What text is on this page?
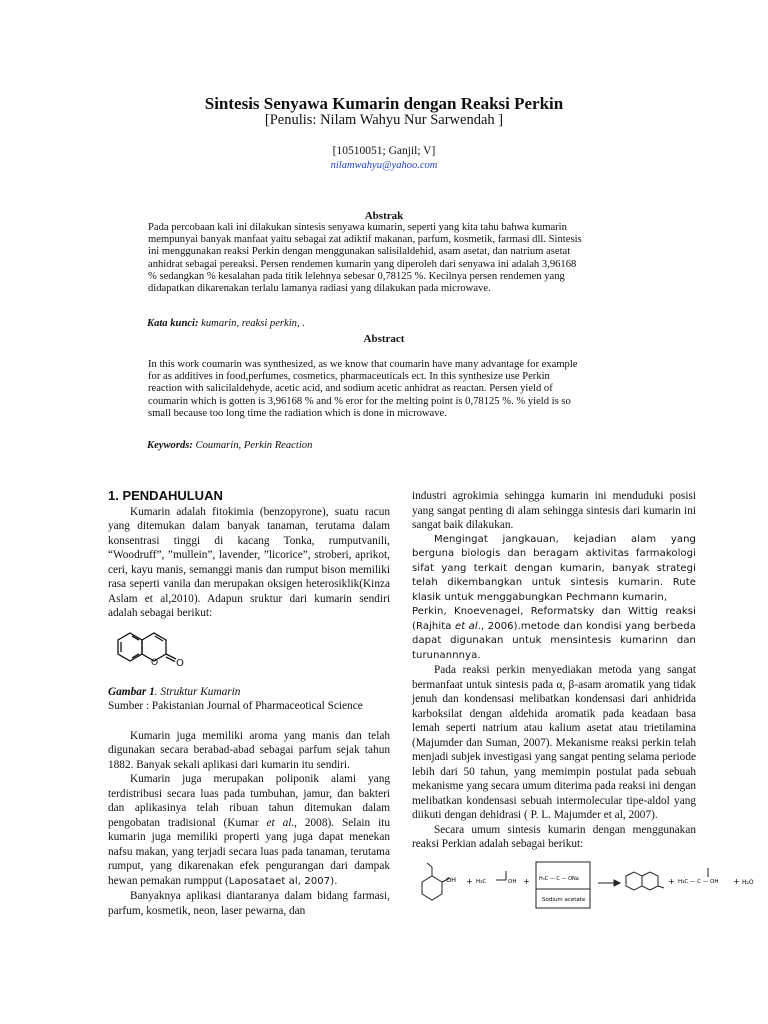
Sintesis Senyawa Kumarin dengan Reaksi Perkin
[Penulis: Nilam Wahyu Nur Sarwendah ]
[10510051; Ganjil; V]
nilamwahyu@yahoo.com
Abstrak
Pada percobaan kali ini dilakukan sintesis senyawa kumarin, seperti yang kita tahu bahwa kumarin
mempunyai banyak manfaat yaitu sebagai zat adiktif makanan, parfum, kosmetik, farmasi dll. Sintesis
ini menggunakan reaksi Perkin dengan menggunakan salisilaldehid, asam asetat, dan natrium asetat
anhidrat sebagai pereaksi. Persen rendemen kumarin yang diperoleh dari senyawa ini adalah 3,96168
% sedangkan % kesalahan pada titik lelehnya sebesar 0,78125 %. Kecilnya persen rendemen yang
didapatkan dikarenakan terlalu lamanya radiasi yang dilakukan pada microwave.
Kata kunci: kumarin, reaksi perkin, .
Abstract
In this work coumarin was synthesized, as we know that coumarin have many advantage for example
for as additives in food,perfumes, cosmetics, pharmaceuticals ect. In this synthesize use Perkin
reaction with salicilaldehyde, acetic acid, and sodium acetic anhidrat as reactan. Persen yield of
coumarin which is gotten is 3,96168 % and % eror for the melting point is 0,78125 %. % yield is so
small because too long time the radiation which is done in microwave.
Keywords: Coumarin, Perkin Reaction
1. PENDAHULUAN

Kumarin adalah fitokimia (benzopyrone), suatu racun yang ditemukan dalam banyak tanaman, terutama dalam konsentrasi tinggi di kacang Tonka, rumputvanili, “Woodruff”, ”mullein”, lavender, ”licorice”, stroberi, aprikot, ceri, kayu manis, semanggi manis dan rumput bison memiliki rasa seperti vanila dan merupakan oksigen heterosiklik(Kinza Aslam et al,2010). Adapun sruktur dari kumarin sendiri adalah sebagai berikut:

O O

Gambar 1. Struktur Kumarin

Sumber : Pakistanian Journal of Pharmaceotical Science

Kumarin juga memiliki aroma yang manis dan telah digunakan secara berabad-abad sebagai parfum sejak tahun 1882. Banyak sekali aplikasi dari kumarin itu sendiri.

Kumarin juga merupakan poliponik alami yang terdistribusi secara luas pada tumbuhan, jamur, dan bakteri dan aplikasinya telah ribuan tahun ditemukan dalam pengobatan tradisional (Kumar et al., 2008). Selain itu kumarin juga memiliki properti yang juga dapat menekan nafsu makan, yang terjadi secara luas pada tanaman, terutama rumput, yang dikarenakan efek pengurangan dari dampak hewan pemakan rumpput (Laposataet al, 2007).

Banyaknya aplikasi diantaranya dalam bidang farmasi, parfum, kosmetik, neon, laser pewarna, dan

industri agrokimia sehingga kumarin ini menduduki posisi yang sangat penting di alam sehingga sintesis dari kumarin ini sangat baik dilakukan.

Mengingat jangkauan, kejadian alam yang berguna biologis dan beragam aktivitas farmakologi sifat yang terkait dengan kumarin, banyak strategi telah dikembangkan untuk sintesis kumarin. Rute klasik untuk menggabungkan Pechmann kumarin,

Perkin, Knoevenagel, Reformatsky dan Wittig reaksi (Rajhita et al., 2006).metode dan kondisi yang berbeda dapat digunakan untuk mensintesis kumarinn dan turunannnya.

Pada reaksi perkin menyediakan metoda yang sangat bermanfaat untuk sintesis pada α, β-asam aromatik yang tidak jenuh dan kondensasi melibatkan kondensasi dari anhidrida karboksilat dengan aldehida aromatik pada keadaan basa lemah seperti natrium atau kalium asetat atau trietilamina (Majumder dan Suman, 2007). Mekanisme reaksi perkin telah menjadi subjek investigasi yang sangat penting selama periode lebih dari 50 tahun, yang memimpin postulat pada sebuah mekanisme yang secara umum diterima pada reaksi ini dengan melibatkan kondensasi sebuah intermolecular tipe-aldol yang diikuti dengan dehidrasi ( P. L. Majumder et al, 2007).

Secara umum sintesis kumarin dengan menggunakan reaksi Perkian adalah sebagai berikut:

OH + H₃C	OH + H₃C — C — ONa
Sodium acetate
+ H₃C — C — OH + H₂O
